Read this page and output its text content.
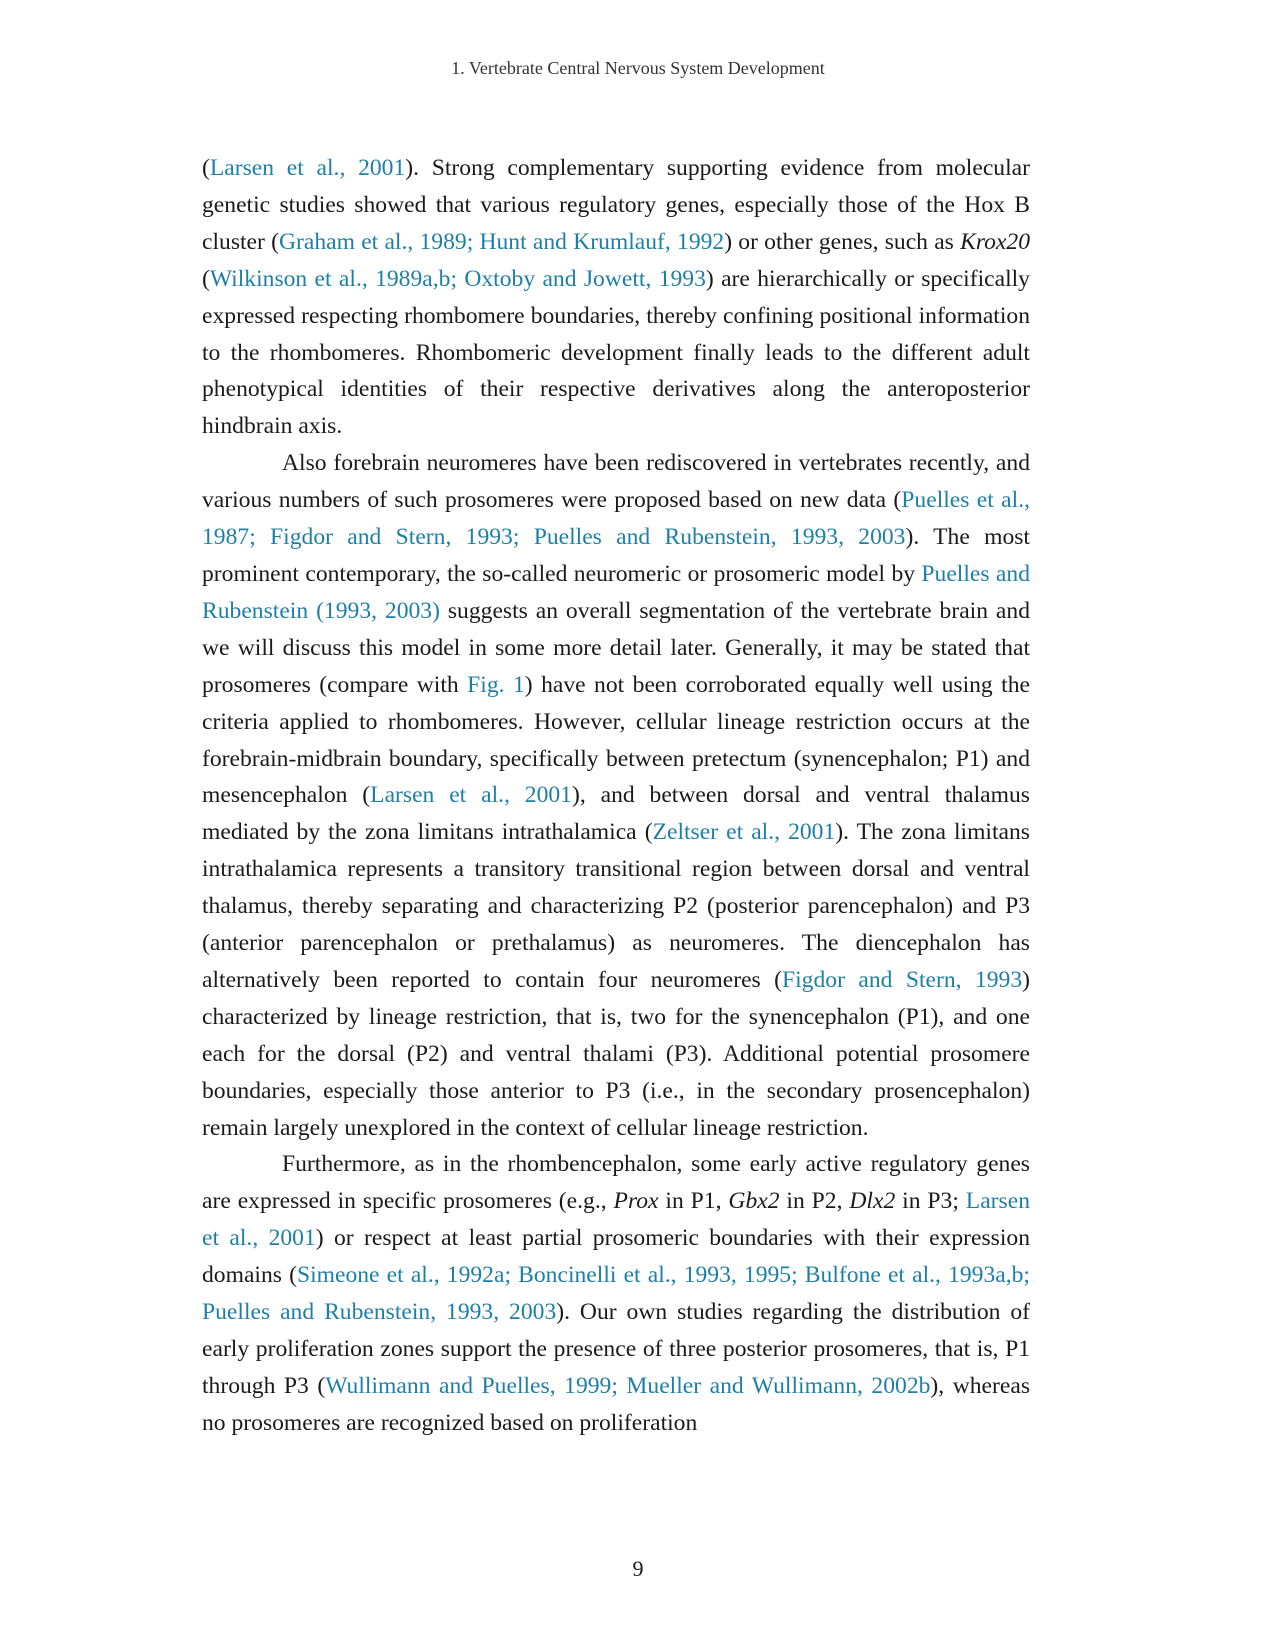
1. Vertebrate Central Nervous System Development

(Larsen et al., 2001). Strong complementary supporting evidence from molecular genetic studies showed that various regulatory genes, especially those of the Hox B cluster (Graham et al., 1989; Hunt and Krumlauf, 1992) or other genes, such as Krox20 (Wilkinson et al., 1989a,b; Oxtoby and Jowett, 1993) are hierarchically or specifically expressed respecting rhombomere boundaries, thereby confining positional information to the rhombomeres. Rhombomeric development finally leads to the different adult phenotypical identities of their respective derivatives along the anteroposterior hindbrain axis.

Also forebrain neuromeres have been rediscovered in vertebrates recently, and various numbers of such prosomeres were proposed based on new data (Puelles et al., 1987; Figdor and Stern, 1993; Puelles and Rubenstein, 1993, 2003). The most prominent contemporary, the so-called neuromeric or prosomeric model by Puelles and Rubenstein (1993, 2003) suggests an overall segmentation of the vertebrate brain and we will discuss this model in some more detail later. Generally, it may be stated that prosomeres (compare with Fig. 1) have not been corroborated equally well using the criteria applied to rhombomeres. However, cellular lineage restriction occurs at the forebrain-midbrain boundary, specifically between pretectum (synencephalon; P1) and mesencephalon (Larsen et al., 2001), and between dorsal and ventral thalamus mediated by the zona limitans intrathalamica (Zeltser et al., 2001). The zona limitans intrathalamica represents a transitory transitional region between dorsal and ventral thalamus, thereby separating and characterizing P2 (posterior parencephalon) and P3 (anterior parencephalon or prethalamus) as neuromeres. The diencephalon has alternatively been reported to contain four neuromeres (Figdor and Stern, 1993) characterized by lineage restriction, that is, two for the synencephalon (P1), and one each for the dorsal (P2) and ventral thalami (P3). Additional potential prosomere boundaries, especially those anterior to P3 (i.e., in the secondary prosencephalon) remain largely unexplored in the context of cellular lineage restriction.

Furthermore, as in the rhombencephalon, some early active regulatory genes are expressed in specific prosomeres (e.g., Prox in P1, Gbx2 in P2, Dlx2 in P3; Larsen et al., 2001) or respect at least partial prosomeric boundaries with their expression domains (Simeone et al., 1992a; Boncinelli et al., 1993, 1995; Bulfone et al., 1993a,b; Puelles and Rubenstein, 1993, 2003). Our own studies regarding the distribution of early proliferation zones support the presence of three posterior prosomeres, that is, P1 through P3 (Wullimann and Puelles, 1999; Mueller and Wullimann, 2002b), whereas no prosomeres are recognized based on proliferation

9
